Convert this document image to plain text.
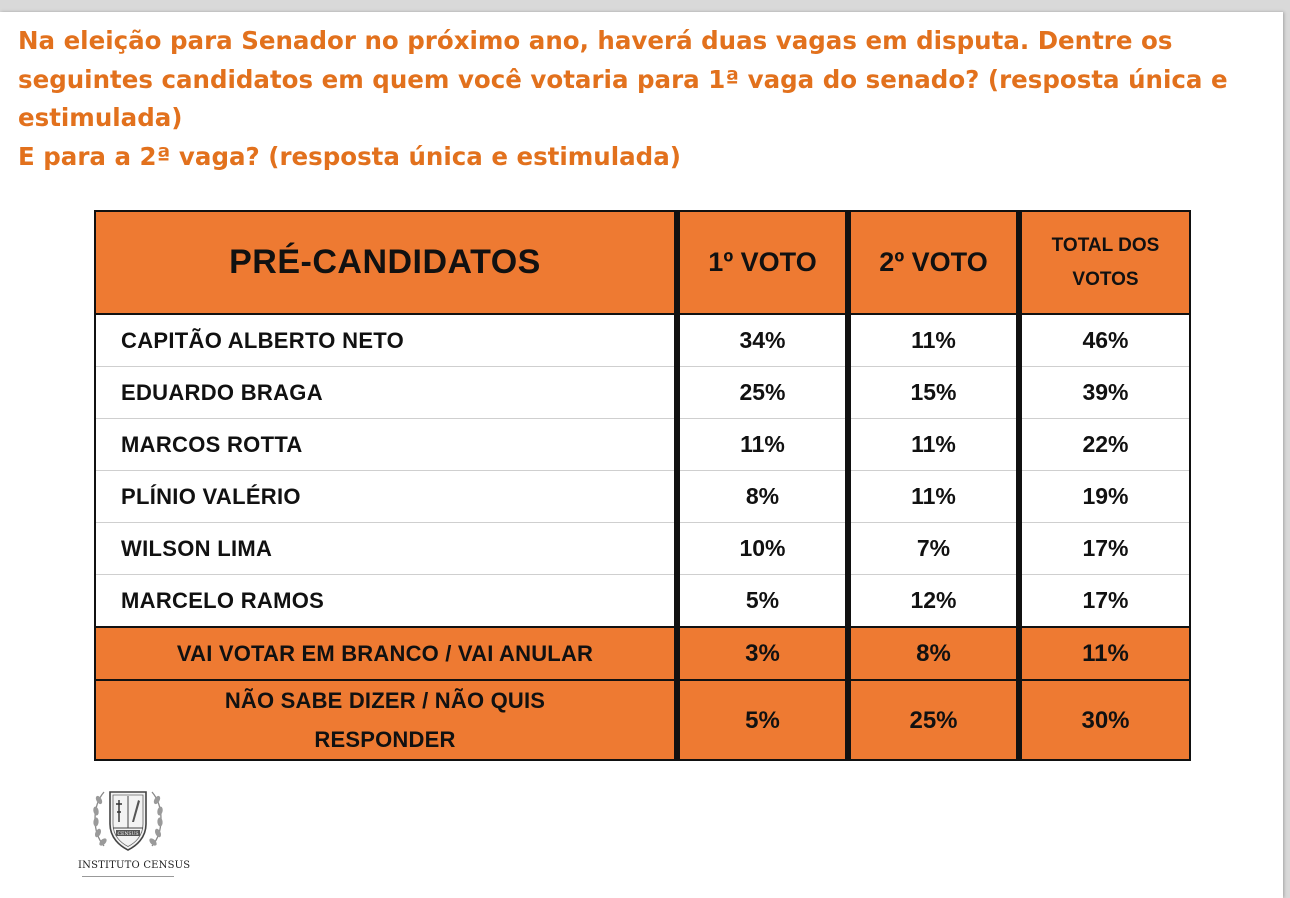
Na eleição para Senador no próximo ano, haverá duas vagas em disputa. Dentre os
seguintes candidatos em quem você votaria para 1ª vaga do senado? (resposta única e
estimulada)
E para a 2ª vaga? (resposta única e estimulada)
PRÉ-CANDIDATOS	1º VOTO	2º VOTO	TOTAL DOS
VOTOS
CAPITÃO ALBERTO NETO	34%	11%	46%
EDUARDO BRAGA	25%	15%	39%
MARCOS ROTTA	11%	11%	22%
PLÍNIO VALÉRIO	8%	11%	19%
WILSON LIMA	10%	7%	17%
MARCELO RAMOS	5%	12%	17%
VAI VOTAR EM BRANCO / VAI ANULAR	3%	8%	11%
NÃO SABE DIZER / NÃO QUIS
RESPONDER	5%	25%	30%
CENSUS
INSTITUTO CENSUS
